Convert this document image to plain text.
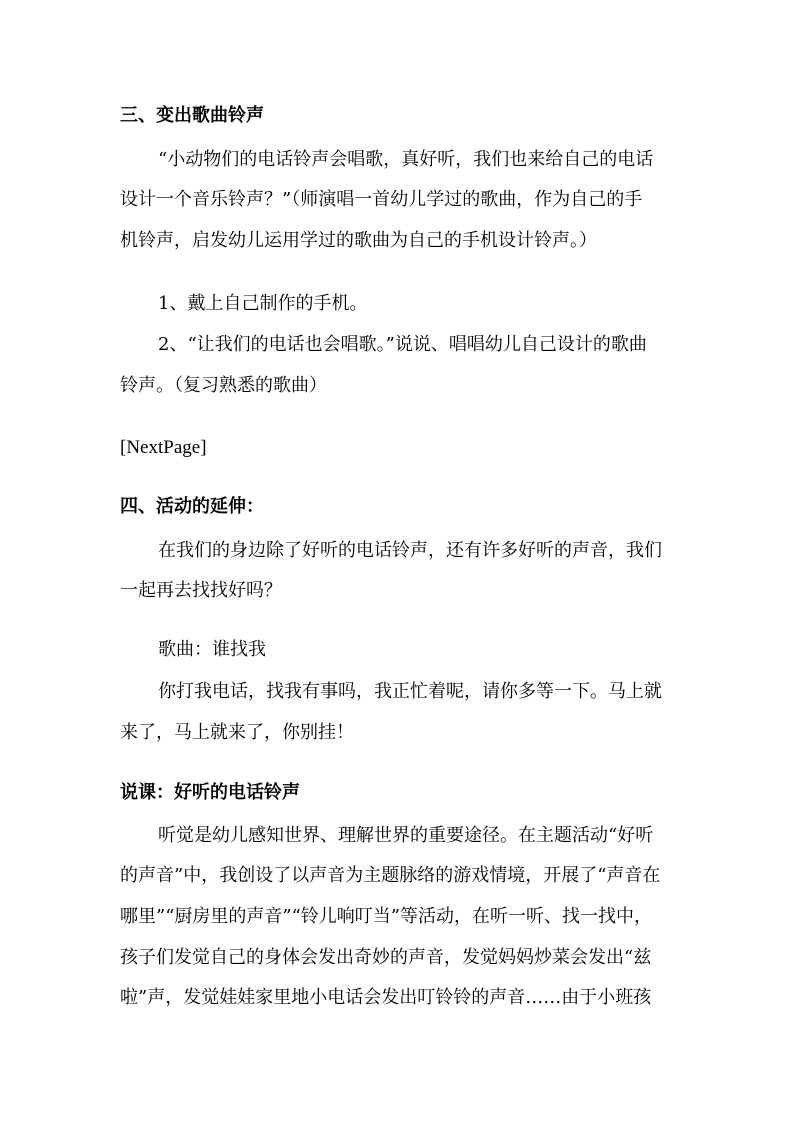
三、变出歌曲铃声
“小动物们的电话铃声会唱歌，真好听，我们也来给自己的电话
设计一个音乐铃声？”（师演唱一首幼儿学过的歌曲，作为自己的手
机铃声，启发幼儿运用学过的歌曲为自己的手机设计铃声。）
1、戴上自己制作的手机。
2、“让我们的电话也会唱歌。”说说、唱唱幼儿自己设计的歌曲
铃声。（复习熟悉的歌曲）
[NextPage]
四、活动的延伸：
在我们的身边除了好听的电话铃声，还有许多好听的声音，我们
一起再去找找好吗？
歌曲：谁找我
你打我电话，找我有事吗，我正忙着呢，请你多等一下。马上就
来了，马上就来了，你别挂！
说课：好听的电话铃声
听觉是幼儿感知世界、理解世界的重要途径。在主题活动“好听
的声音”中，我创设了以声音为主题脉络的游戏情境，开展了“声音在
哪里”“厨房里的声音”“铃儿响叮当”等活动，在听一听、找一找中，
孩子们发觉自己的身体会发出奇妙的声音，发觉妈妈炒菜会发出“兹
啦”声，发觉娃娃家里地小电话会发出叮铃铃的声音……由于小班孩
